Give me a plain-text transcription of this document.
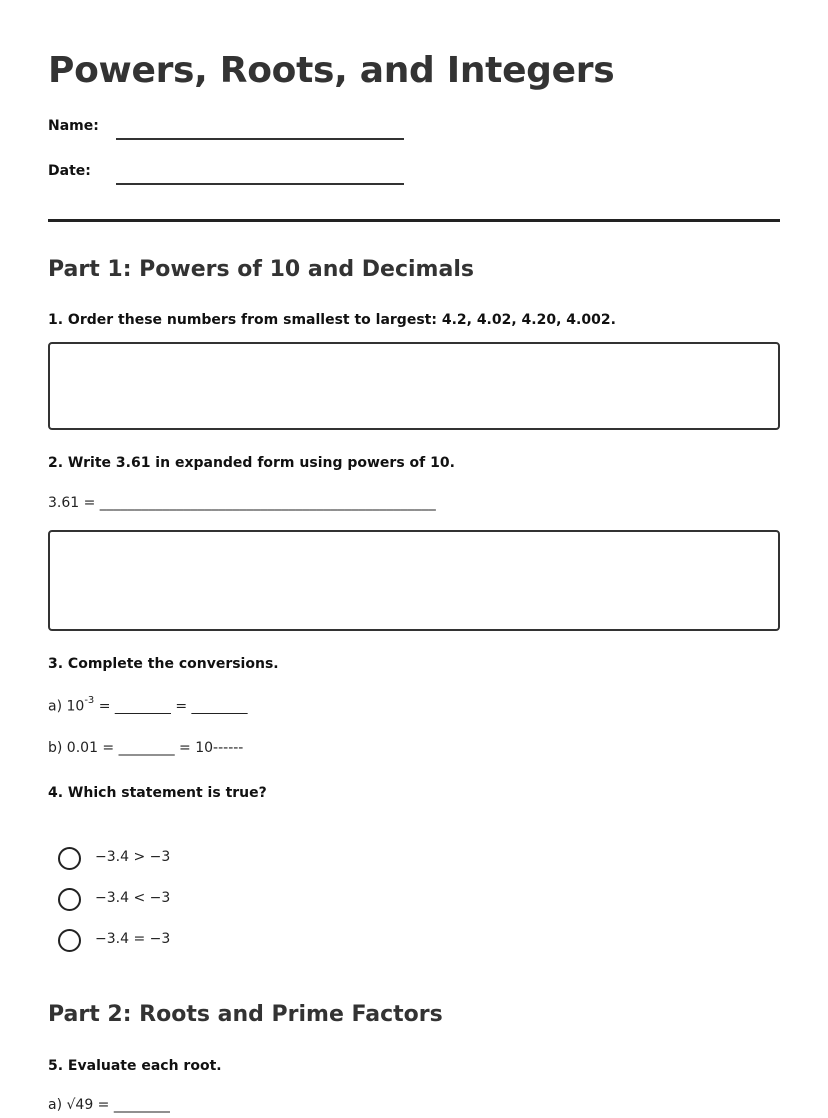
Powers, Roots, and Integers
Name:
Date:
Part 1: Powers of 10 and Decimals

1. Order these numbers from smallest to largest: 4.2, 4.02, 4.20, 4.002.

2. Write 3.61 in expanded form using powers of 10.

3.61 = ________________________________________________

3. Complete the conversions.

a) $10^{-3}$ = ________ = ________

b) 0.01 = ________ = 10------

4. Which statement is true?

−3.4 > −3
−3.4 < −3
−3.4 = −3
Part 2: Roots and Prime Factors

5. Evaluate each root.

a) √49 = ________
